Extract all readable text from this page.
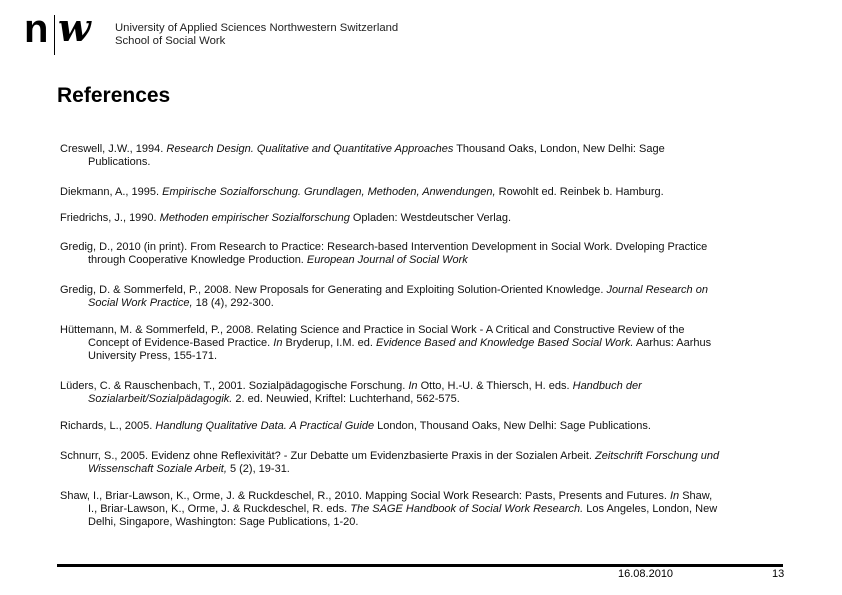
n w University of Applied Sciences Northwestern Switzerland
School of Social Work
References
Creswell, J.W., 1994. Research Design. Qualitative and Quantitative Approaches Thousand Oaks, London, New Delhi: Sage
Publications.
Diekmann, A., 1995. Empirische Sozialforschung. Grundlagen, Methoden, Anwendungen, Rowohlt ed. Reinbek b. Hamburg.
Friedrichs, J., 1990. Methoden empirischer Sozialforschung Opladen: Westdeutscher Verlag.
Gredig, D., 2010 (in print). From Research to Practice: Research-based Intervention Development in Social Work. Dveloping Practice
through Cooperative Knowledge Production. European Journal of Social Work
Gredig, D. & Sommerfeld, P., 2008. New Proposals for Generating and Exploiting Solution-Oriented Knowledge. Journal Research on
Social Work Practice, 18 (4), 292-300.
Hüttemann, M. & Sommerfeld, P., 2008. Relating Science and Practice in Social Work - A Critical and Constructive Review of the
Concept of Evidence-Based Practice. In Bryderup, I.M. ed. Evidence Based and Knowledge Based Social Work. Aarhus: Aarhus
University Press, 155-171.
Lüders, C. & Rauschenbach, T., 2001. Sozialpädagogische Forschung. In Otto, H.-U. & Thiersch, H. eds. Handbuch der
Sozialarbeit/Sozialpädagogik. 2. ed. Neuwied, Kriftel: Luchterhand, 562-575.
Richards, L., 2005. Handlung Qualitative Data. A Practical Guide London, Thousand Oaks, New Delhi: Sage Publications.
Schnurr, S., 2005. Evidenz ohne Reflexivität? - Zur Debatte um Evidenzbasierte Praxis in der Sozialen Arbeit. Zeitschrift Forschung und
Wissenschaft Soziale Arbeit, 5 (2), 19-31.
Shaw, I., Briar-Lawson, K., Orme, J. & Ruckdeschel, R., 2010. Mapping Social Work Research: Pasts, Presents and Futures. In Shaw,
I., Briar-Lawson, K., Orme, J. & Ruckdeschel, R. eds. The SAGE Handbook of Social Work Research. Los Angeles, London, New
Delhi, Singapore, Washington: Sage Publications, 1-20.
16.08.2010	13
